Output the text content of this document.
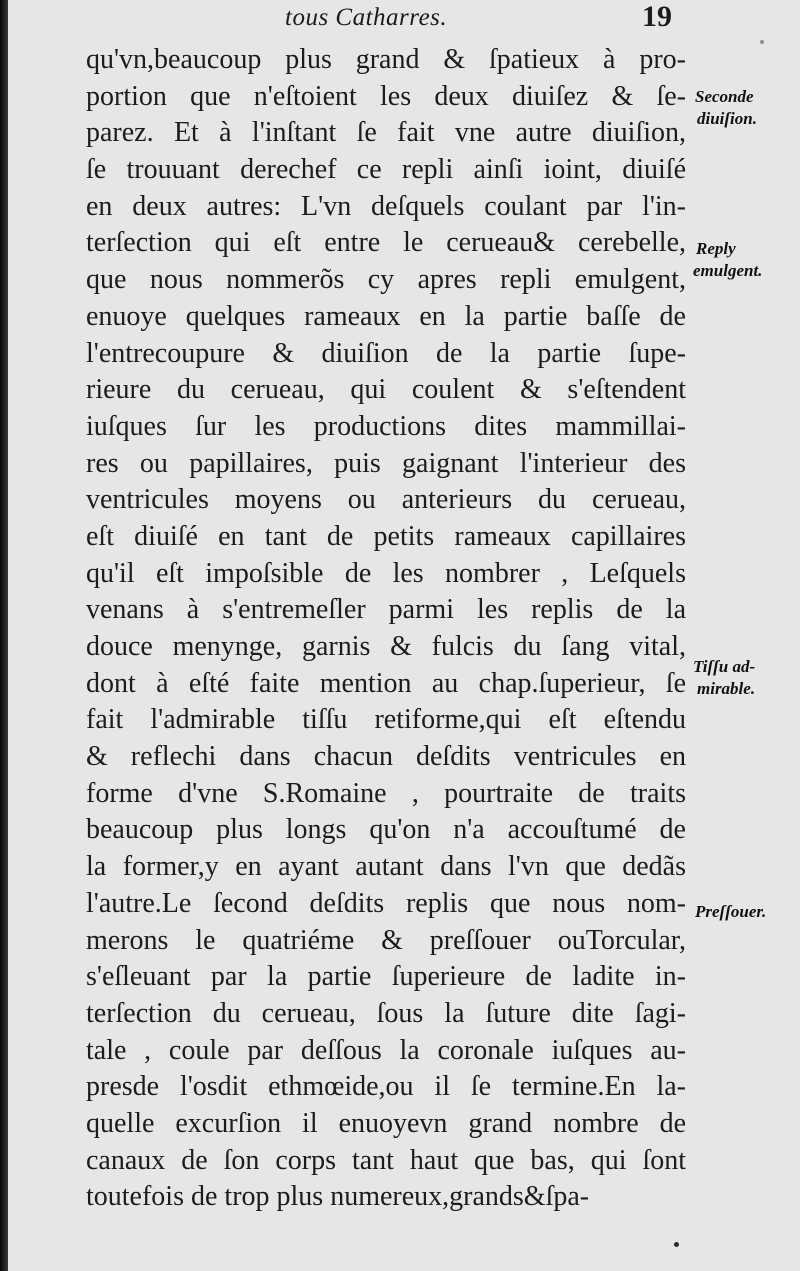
tous Catharres.	19
qu'vn,beaucoup plus grand & ſpatieux à pro-
portion que n'eſtoient les deux diuiſez & ſe-
parez. Et à l'inſtant ſe fait vne autre diuiſion,
ſe trouuant derechef ce repli ainſi ioint, diuiſé
en deux autres: L'vn deſquels coulant par l'in-
terſection qui eſt entre le cerueau& cerebelle,
que nous nommerõs cy apres repli emulgent,
enuoye quelques rameaux en la partie baſſe de
l'entrecoupure & diuiſion de la partie ſupe-
rieure du cerueau, qui coulent & s'eſtendent
iuſques ſur les productions dites mammillai-
res ou papillaires, puis gaignant l'interieur des
ventricules moyens ou anterieurs du cerueau,
eſt diuiſé en tant de petits rameaux capillaires
qu'il eſt impoſsible de les nombrer , Leſquels
venans à s'entremeſler parmi les replis de la
douce menynge, garnis & fulcis du ſang vital,
dont à eſté faite mention au chap.ſuperieur, ſe
fait l'admirable tiſſu retiforme,qui eſt eſtendu
& reflechi dans chacun deſdits ventricules en
forme d'vne S.Romaine , pourtraite de traits
beaucoup plus longs qu'on n'a accouſtumé de
la former,y en ayant autant dans l'vn que dedãs
l'autre.Le ſecond deſdits replis que nous nom-
merons le quatriéme & preſſouer ouTorcular,
s'eſleuant par la partie ſuperieure de ladite in-
terſection du cerueau, ſous la ſuture dite ſagi-
tale , coule par deſſous la coronale iuſques au-
presde l'osdit ethmœide,ou il ſe termine.En la-
quelle excurſion il enuoyevn grand nombre de
canaux de ſon corps tant haut que bas, qui ſont
toutefois de trop plus numereux,grands&ſpa-
Seconde
diuiſion.
Reply
emulgent.
Tiſſu ad-
mirable.
Preſſouer.
